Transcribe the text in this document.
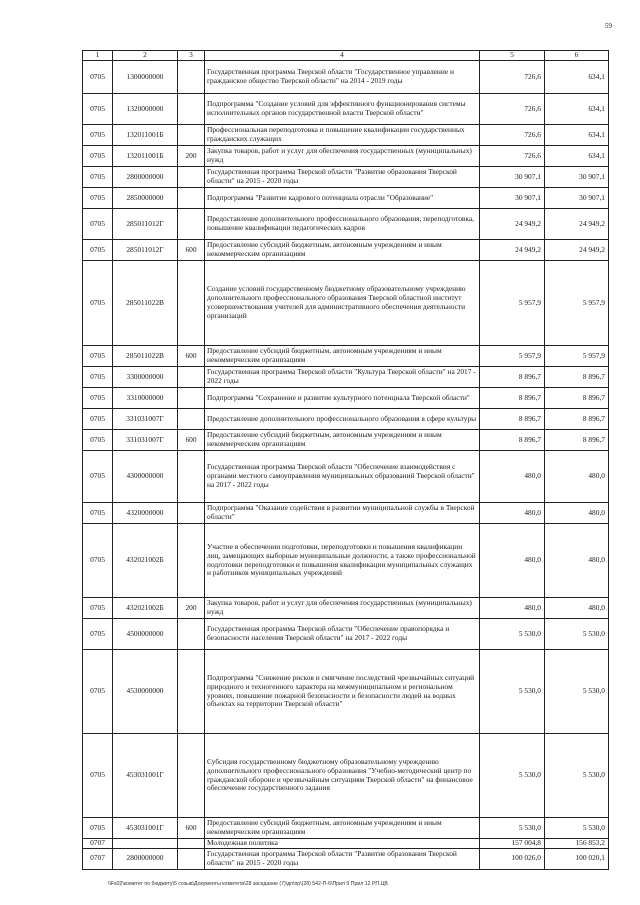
59
1	2	3	4	5	6
0705	1300000000		Государственная программа Тверской области "Государственное управление и гражданское общество Тверской области" на 2014 - 2019 годы	726,6	634,1
0705	1320000000		Подпрограмма "Создание условий для эффективного функционирования системы исполнительных органов государственной власти Тверской области"	726,6	634,1
0705	132011001Б		Профессиональная переподготовка и повышение квалификации государственных гражданских служащих	726,6	634,1
0705	132011001Б	200	Закупка товаров, работ и услуг для обеспечения государственных (муниципальных) нужд	726,6	634,1
0705	2800000000		Государственная программа Тверской области "Развитие образования Тверской области" на 2015 - 2020 годы	30 907,1	30 907,1
0705	2850000000		Подпрограмма "Развитие кадрового потенциала отрасли "Образование"	30 907,1	30 907,1
0705	285011012Г		Предоставление дополнительного профессионального образования, переподготовка, повышение квалификации педагогических кадров	24 949,2	24 949,2
0705	285011012Г	600	Предоставление субсидий бюджетным, автономным учреждениям и иным некоммерческим организациям	24 949,2	24 949,2
0705	285011022В		Создание условий государственному бюджетному образовательному учреждению дополнительного профессионального образования Тверской областной институт усовершенствования учителей для административного обеспечения деятельности организаций	5 957,9	5 957,9
0705	285011022В	600	Предоставление субсидий бюджетным, автономным учреждениям и иным некоммерческим организациям	5 957,9	5 957,9
0705	3300000000		Государственная программа Тверской области "Культура Тверской области" на 2017 - 2022 годы	8 896,7	8 896,7
0705	3310000000		Подпрограмма "Сохранение и развитие культурного потенциала Тверской области"	8 896,7	8 896,7
0705	331031007Г		Предоставление дополнительного профессионального образования в сфере культуры	8 896,7	8 896,7
0705	331031007Г	600	Предоставление субсидий бюджетным, автономным учреждениям и иным некоммерческим организациям	8 896,7	8 896,7
0705	4300000000		Государственная программа Тверской области "Обеспечение взаимодействия с органами местного самоуправления муниципальных образований Тверской области" на 2017 - 2022 годы	480,0	480,0
0705	4320000000		Подпрограмма "Оказание содействия в развитии муниципальной службы в Тверской области"	480,0	480,0
0705	432021002Б		Участие в обеспечении подготовки, переподготовки и повышения квалификации лиц, замещающих выборные муниципальные должности, а также профессиональной подготовки переподготовки и повышения квалификации муниципальных служащих и работников муниципальных учреждений	480,0	480,0
0705	432021002Б	200	Закупка товаров, работ и услуг для обеспечения государственных (муниципальных) нужд	480,0	480,0
0705	4500000000		Государственная программа Тверской области "Обеспечение правопорядка и безопасности населения Тверской области" на 2017 - 2022 годы	5 530,0	5 530,0
0705	4530000000		Подпрограмма "Снижение рисков и смягчение последствий чрезвычайных ситуаций природного и техногенного характера на межмуниципальном и региональном уровнях, повышение пожарной безопасности и безопасности людей на водных объектах на территории Тверской области"	5 530,0	5 530,0
0705	453031001Г		Субсидия государственному бюджетному образовательному учреждению дополнительного профессионального образования "Учебно-методический центр по гражданской обороне и чрезвычайным ситуациям Тверской области" на финансовое обеспечение государственного задания	5 530,0	5 530,0
0705	453031001Г	600	Предоставление субсидий бюджетным, автономным учреждениям и иным некоммерческим организациям	5 530,0	5 530,0
0707			Молодежная политика	157 004,8	156 853,2
0707	2800000000		Государственная программа Тверской области "Развитие образования Тверской области" на 2015 - 2020 годы	100 026,0	100 020,1
\\Fs02\комитет по бюджету\5 созыв\Документы комитета\28 заседание (7)\дп\пр\(28) 542-П-6\Прил 9 Прил 12 РП.ЦВ
